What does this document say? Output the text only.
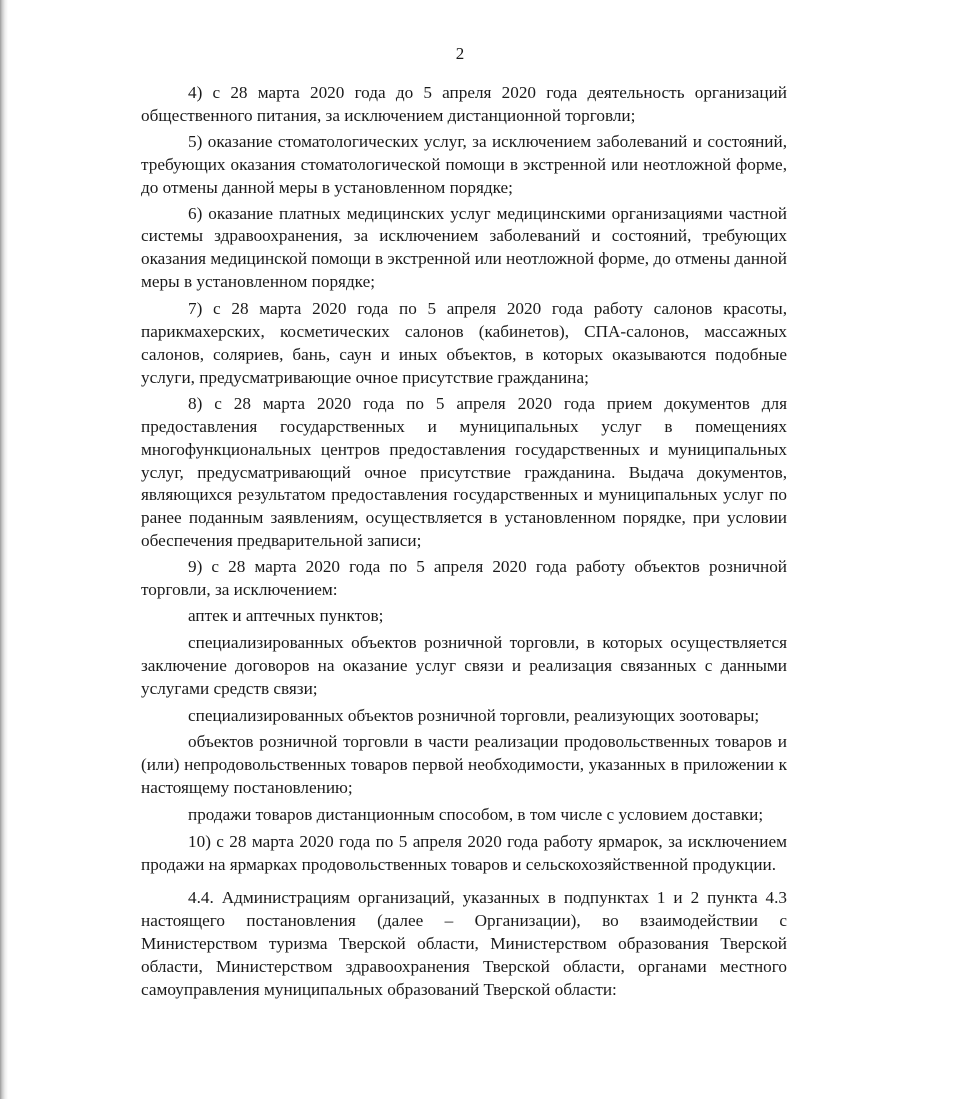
2

4) с 28 марта 2020 года до 5 апреля 2020 года деятельность организаций общественного питания, за исключением дистанционной торговли;

5) оказание стоматологических услуг, за исключением заболеваний и состояний, требующих оказания стоматологической помощи в экстренной или неотложной форме, до отмены данной меры в установленном порядке;

6) оказание платных медицинских услуг медицинскими организациями частной системы здравоохранения, за исключением заболеваний и состояний, требующих оказания медицинской помощи в экстренной или неотложной форме, до отмены данной меры в установленном порядке;

7) с 28 марта 2020 года по 5 апреля 2020 года работу салонов красоты, парикмахерских, косметических салонов (кабинетов), СПА-салонов, массажных салонов, соляриев, бань, саун и иных объектов, в которых оказываются подобные услуги, предусматривающие очное присутствие гражданина;

8) с 28 марта 2020 года по 5 апреля 2020 года прием документов для предоставления государственных и муниципальных услуг в помещениях многофункциональных центров предоставления государственных и муниципальных услуг, предусматривающий очное присутствие гражданина. Выдача документов, являющихся результатом предоставления государственных и муниципальных услуг по ранее поданным заявлениям, осуществляется в установленном порядке, при условии обеспечения предварительной записи;

9) с 28 марта 2020 года по 5 апреля 2020 года работу объектов розничной торговли, за исключением:

аптек и аптечных пунктов;

специализированных объектов розничной торговли, в которых осуществляется заключение договоров на оказание услуг связи и реализация связанных с данными услугами средств связи;

специализированных объектов розничной торговли, реализующих зоотовары;

объектов розничной торговли в части реализации продовольственных товаров и (или) непродовольственных товаров первой необходимости, указанных в приложении к настоящему постановлению;

продажи товаров дистанционным способом, в том числе с условием доставки;

10) с 28 марта 2020 года по 5 апреля 2020 года работу ярмарок, за исключением продажи на ярмарках продовольственных товаров и сельскохозяйственной продукции.

4.4. Администрациям организаций, указанных в подпунктах 1 и 2 пункта 4.3 настоящего постановления (далее – Организации), во взаимодействии с Министерством туризма Тверской области, Министерством образования Тверской области, Министерством здравоохранения Тверской области, органами местного самоуправления муниципальных образований Тверской области:
